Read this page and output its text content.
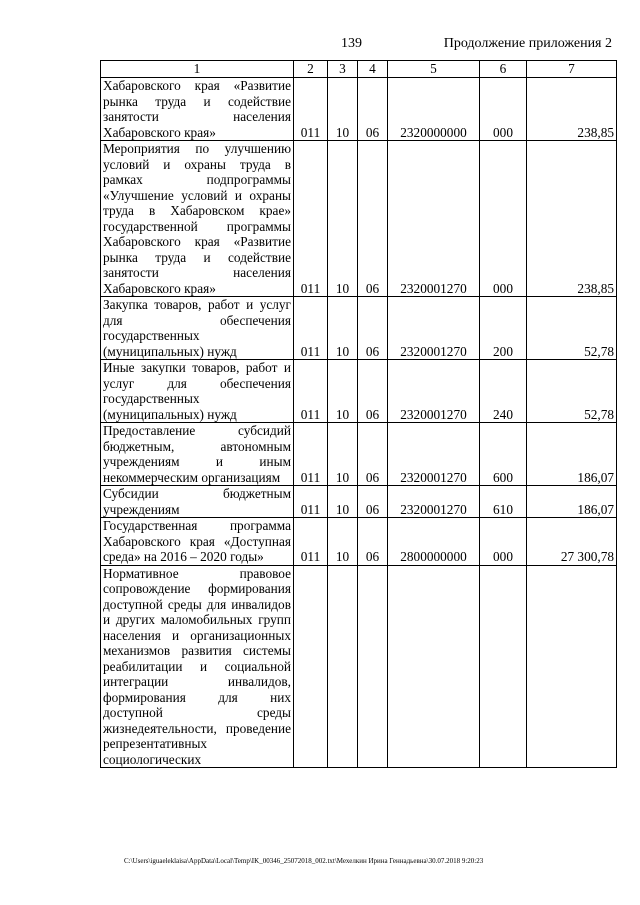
139	Продолжение приложения 2
1	2	3	4	5	6	7
Хабаровского края «Развитие рынка труда и содействие занятости населения Хабаровского края»	011	10	06	2320000000	000	238,85
Мероприятия по улучшению условий и охраны труда в рамках подпрограммы «Улучшение условий и охраны труда в Хабаровском крае» государственной программы Хабаровского края «Развитие рынка труда и содействие занятости населения Хабаровского края»	011	10	06	2320001270	000	238,85
Закупка товаров, работ и услуг для обеспечения государственных (муниципальных) нужд	011	10	06	2320001270	200	52,78
Иные закупки товаров, работ и услуг для обеспечения государственных (муниципальных) нужд	011	10	06	2320001270	240	52,78
Предоставление субсидий бюджетным, автономным учреждениям и иным некоммерческим организациям	011	10	06	2320001270	600	186,07
Субсидии бюджетным учреждениям	011	10	06	2320001270	610	186,07
Государственная программа Хабаровского края «Доступная среда» на 2016 – 2020 годы»	011	10	06	2800000000	000	27 300,78
Нормативное правовое сопровождение формирования доступной среды для инвалидов и других маломобильных групп населения и организационных механизмов развития системы реабилитации и социальной интеграции инвалидов, формирования для них доступной среды жизнедеятельности, проведение репрезентативных социологических						
C:\Users\iguaeleklaisa\AppData\Local\Temp\IK_00346_25072018_002.txt\Мехелкин Ирина Геннадьевна\30.07.2018 9:20:23
